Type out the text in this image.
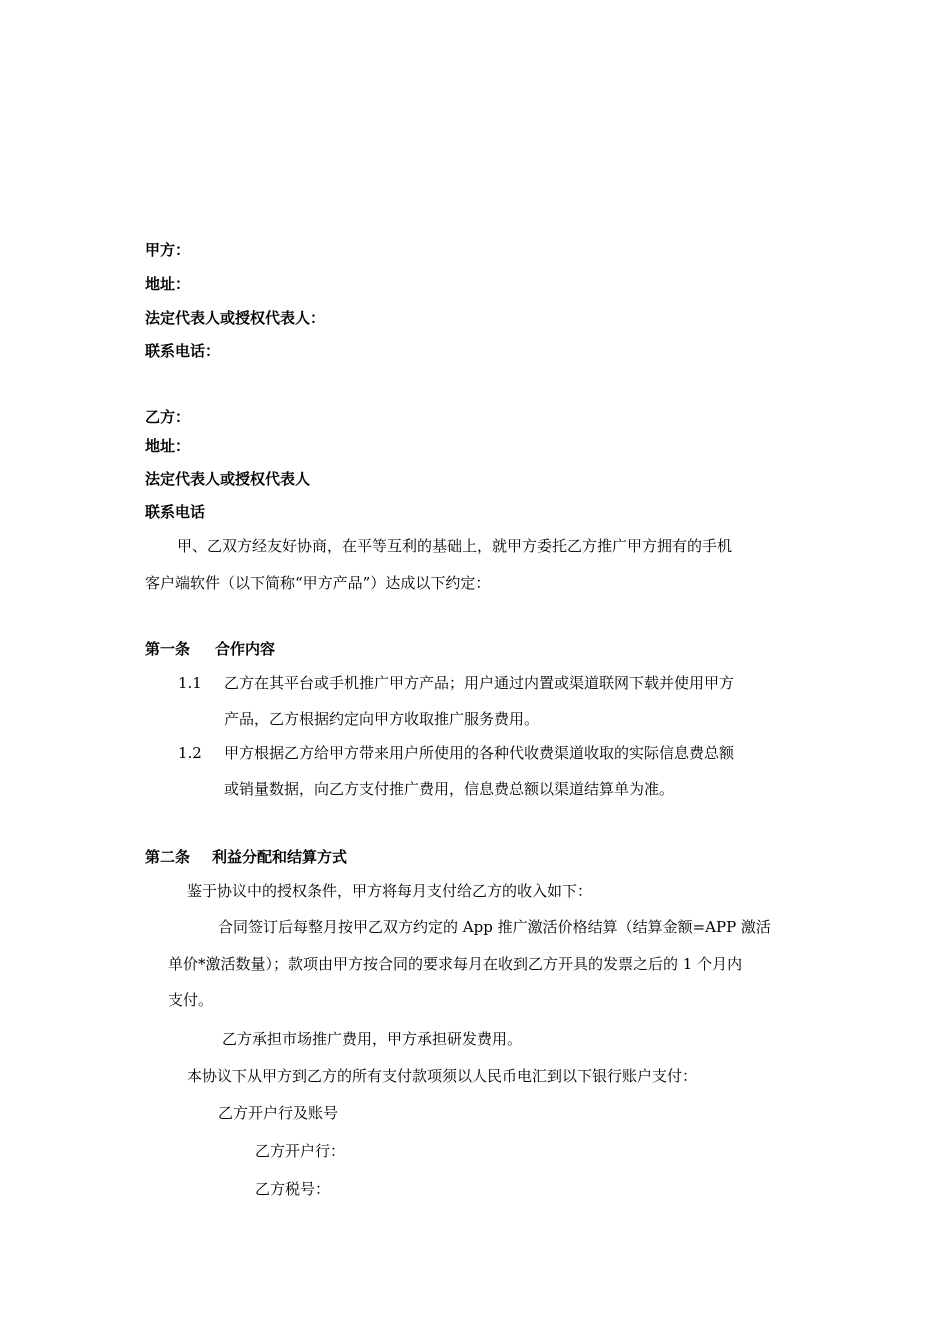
甲方：
地址：
法定代表人或授权代表人：
联系电话：
乙方：
地址：
法定代表人或授权代表人
联系电话
甲、乙双方经友好协商，在平等互利的基础上，就甲方委托乙方推广甲方拥有的手机
客户端软件（以下简称“甲方产品”）达成以下约定：
第一条	合作内容
1.1 乙方在其平台或手机推广甲方产品；用户通过内置或渠道联网下载并使用甲方
产品，乙方根据约定向甲方收取推广服务费用。
1.2 甲方根据乙方给甲方带来用户所使用的各种代收费渠道收取的实际信息费总额
或销量数据，向乙方支付推广费用，信息费总额以渠道结算单为准。
第二条	利益分配和结算方式
鉴于协议中的授权条件，甲方将每月支付给乙方的收入如下：
合同签订后每整月按甲乙双方约定的 App 推广激活价格结算（结算金额=APP 激活
单价*激活数量）；款项由甲方按合同的要求每月在收到乙方开具的发票之后的 1 个月内
支付。
乙方承担市场推广费用，甲方承担研发费用。
本协议下从甲方到乙方的所有支付款项须以人民币电汇到以下银行账户支付：
乙方开户行及账号
乙方开户行：
乙方税号：
